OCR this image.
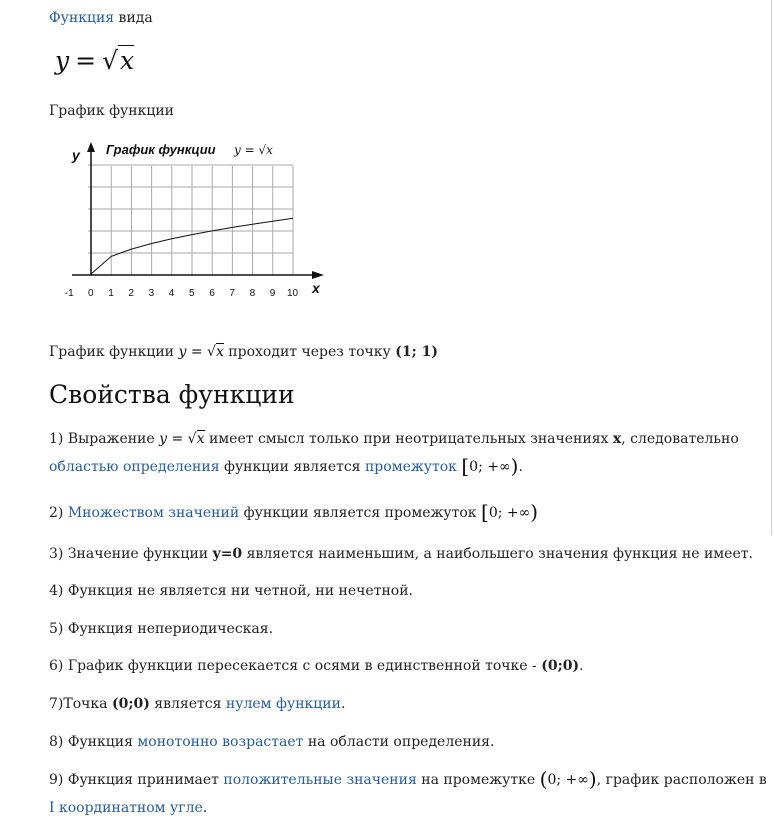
Функция вида

y = √x

График функции

-1 0 1 2 3 4 5 6 7 8 9 10
y
x
График функции y = √x

График функции y = √x проходит через точку (1; 1)

Свойства функции

1) Выражение y = √x имеет смысл только при неотрицательных значениях x, следовательно

областью определения функции является промежуток [0; +∞).

2) Множеством значений функции является промежуток [0; +∞)

3) Значение функции y=0 является наименьшим, а наибольшего значения функция не имеет.

4) Функция не является ни четной, ни нечетной.

5) Функция непериодическая.

6) График функции пересекается с осями в единственной точке - (0;0).

7)Точка (0;0) является нулем функции.

8) Функция монотонно возрастает на области определения.

9) Функция принимает положительные значения на промежутке (0; +∞), график расположен в

I координатном угле.
